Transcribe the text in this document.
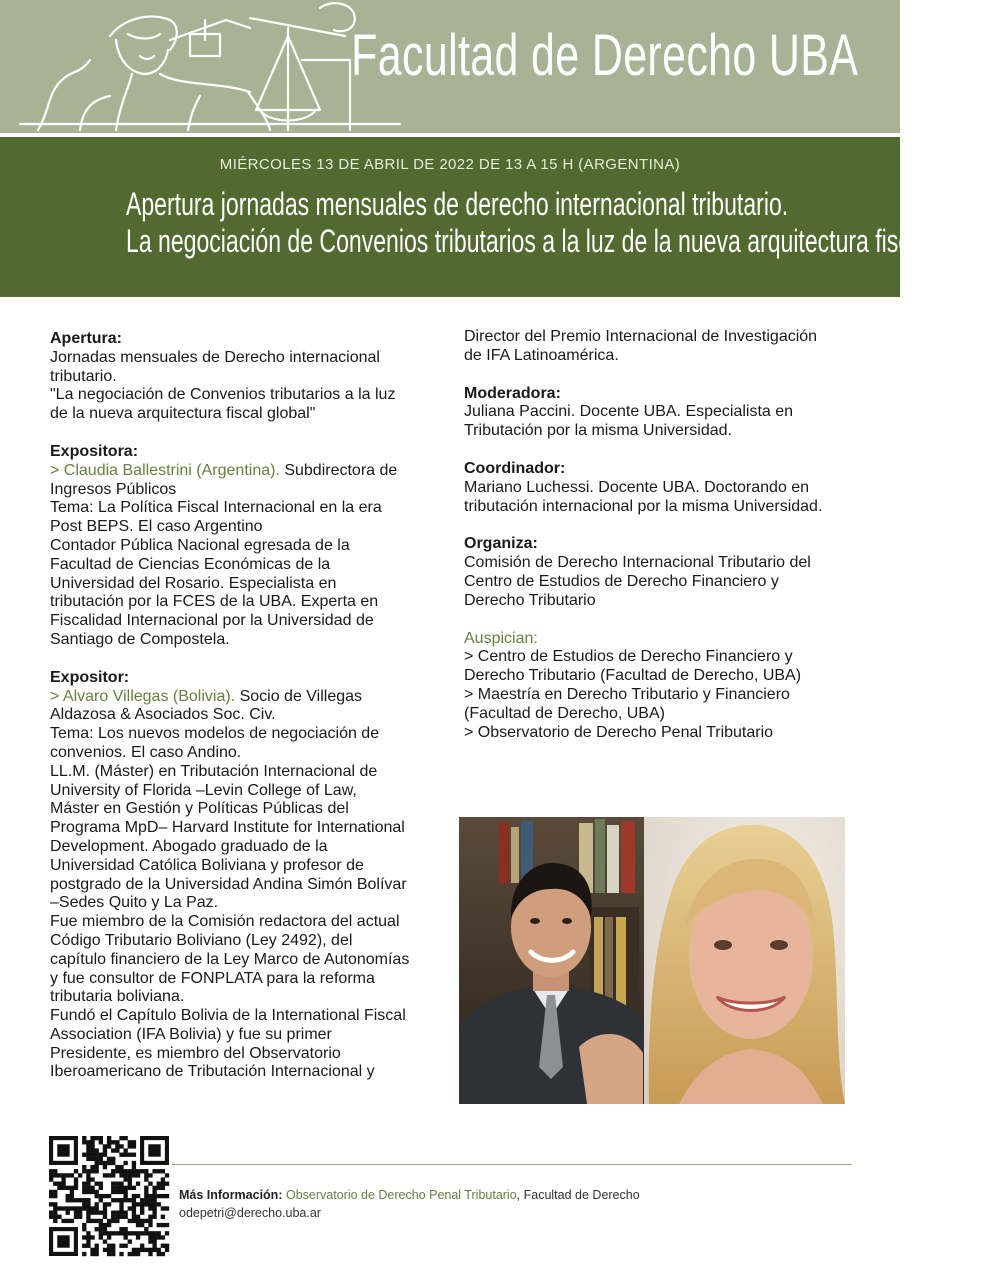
Facultad de Derecho UBA
MIÉRCOLES 13 DE ABRIL DE 2022 DE 13 A 15 H (ARGENTINA)
Apertura jornadas mensuales de derecho internacional tributario.
La negociación de Convenios tributarios a la luz de la nueva arquitectura fiscal global

Apertura:

Jornadas mensuales de Derecho internacional

tributario.

"La negociación de Convenios tributarios a la luz

de la nueva arquitectura fiscal global"

Expositora:

> Claudia Ballestrini (Argentina). Subdirectora de

Ingresos Públicos

Tema: La Política Fiscal Internacional en la era

Post BEPS. El caso Argentino

Contador Pública Nacional egresada de la

Facultad de Ciencias Económicas de la

Universidad del Rosario. Especialista en

tributación por la FCES de la UBA. Experta en

Fiscalidad Internacional por la Universidad de

Santiago de Compostela.

Expositor:

> Alvaro Villegas (Bolivia). Socio de Villegas

Aldazosa & Asociados Soc. Civ.

Tema: Los nuevos modelos de negociación de

convenios. El caso Andino.

LL.M. (Máster) en Tributación Internacional de

University of Florida –Levin College of Law,

Máster en Gestión y Políticas Públicas del

Programa MpD– Harvard Institute for International

Development. Abogado graduado de la

Universidad Católica Boliviana y profesor de

postgrado de la Universidad Andina Simón Bolívar

–Sedes Quito y La Paz.

Fue miembro de la Comisión redactora del actual

Código Tributario Boliviano (Ley 2492), del

capítulo financiero de la Ley Marco de Autonomías

y fue consultor de FONPLATA para la reforma

tributaria boliviana.

Fundó el Capítulo Bolivia de la International Fiscal

Association (IFA Bolivia) y fue su primer

Presidente, es miembro del Observatorio

Iberoamericano de Tributación Internacional y

Director del Premio Internacional de Investigación

de IFA Latinoamérica.

Moderadora:

Juliana Paccini. Docente UBA. Especialista en

Tributación por la misma Universidad.

Coordinador:

Mariano Luchessi. Docente UBA. Doctorando en

tributación internacional por la misma Universidad.

Organiza:

Comisión de Derecho Internacional Tributario del

Centro de Estudios de Derecho Financiero y

Derecho Tributario

Auspician:

> Centro de Estudios de Derecho Financiero y

Derecho Tributario (Facultad de Derecho, UBA)

> Maestría en Derecho Tributario y Financiero

(Facultad de Derecho, UBA)

> Observatorio de Derecho Penal Tributario

Más Información: Observatorio de Derecho Penal Tributario, Facultad de Derecho
odepetri@derecho.uba.ar
